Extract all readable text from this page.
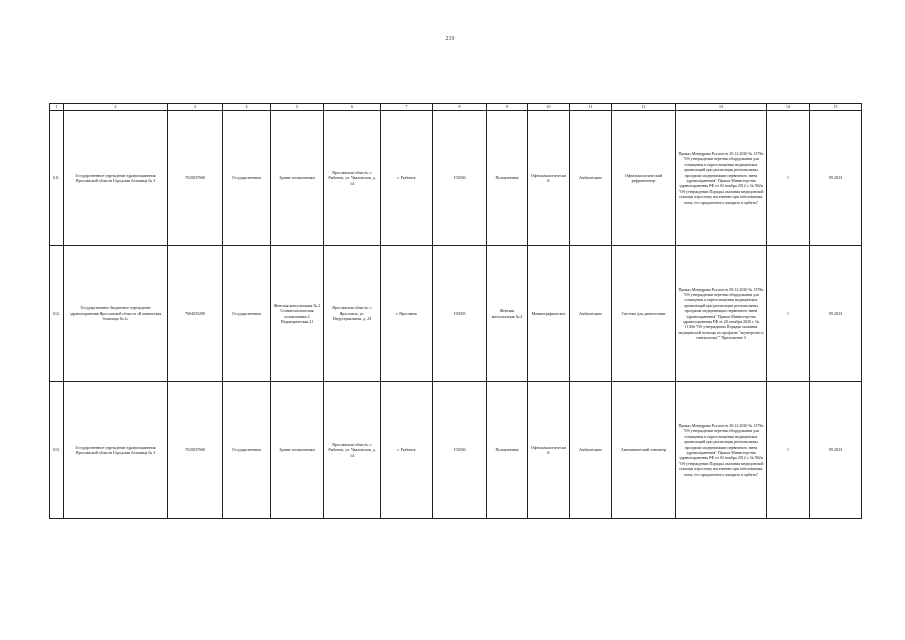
219
1	2	3	4	5	6	7	8	9	10	11	12	13	14	15
611.	Государственное учреждение здравоохранения Ярославской области Городская больница № 3	7610037669	Государственная	Здание поликлиники	Ярославская область, г. Рыбинск, ул. Чкаловская, д. 14	г. Рыбинск	152936	Поликлиника	Офтальмологический	Амбулаторно	Офтальмологический рефрактометр	Приказ Минздрава России от 29.12.2020 № 1379н "Об утверждении перечня оборудования для оснащения и переоснащения медицинских организаций при реализации региональных программ модернизации первичного звена здравоохранения" Приказ Министерства здравоохранения РФ от 02 ноября 2012 г. № 902н "Об утверждении Порядка оказания медицинской помощи взрослому населению при заболеваниях глаза, его придаточного аппарата и орбиты"	1	09.2023
612.	Государственное бюджетное учреждение здравоохранения Ярославской области «Клиническая больница № 2»	7604035290	Государственная	Женская консультация № 2 Стоматологическая поликлиника 2 Педиатрическая 21	Ярославская область, г. Ярославль, ул. Индустриальная, д. 23	г. Ярославль	150035	Женская консультация № 2	Маммографическое	Амбулаторно	Система для диагностики	Приказ Минздрава России от 09.12.2020 № 1378н "Об утверждении перечня оборудования для оснащения и переоснащения медицинских организаций при реализации региональных программ модернизации первичного звена здравоохранения" Приказ Министерства здравоохранения РФ от 20 октября 2020 г. № 1130н "Об утверждении Порядка оказания медицинской помощи по профилю "акушерство и гинекология"" Приложение 3	1	09.2023
613.	Государственное учреждение здравоохранения Ярославской области Городская больница № 3	7610037669	Государственная	Здание поликлиники	Ярославская область, г. Рыбинск, ул. Чкаловская, д. 14	г. Рыбинск	152936	Поликлиника	Офтальмологический	Амбулаторно	Автоматический тонометр	Приказ Минздрава России от 28.12.2020 № 1379н "Об утверждении перечня оборудования для оснащения и переоснащения медицинских организаций при реализации региональных программ модернизации первичного звена здравоохранения" Приказ Министерства здравоохранения РФ от 02 ноября 2012 г. № 902н "Об утверждении Порядка оказания медицинской помощи взрослому населению при заболеваниях глаза, его придаточного аппарата и орбиты"	1	09.2023
